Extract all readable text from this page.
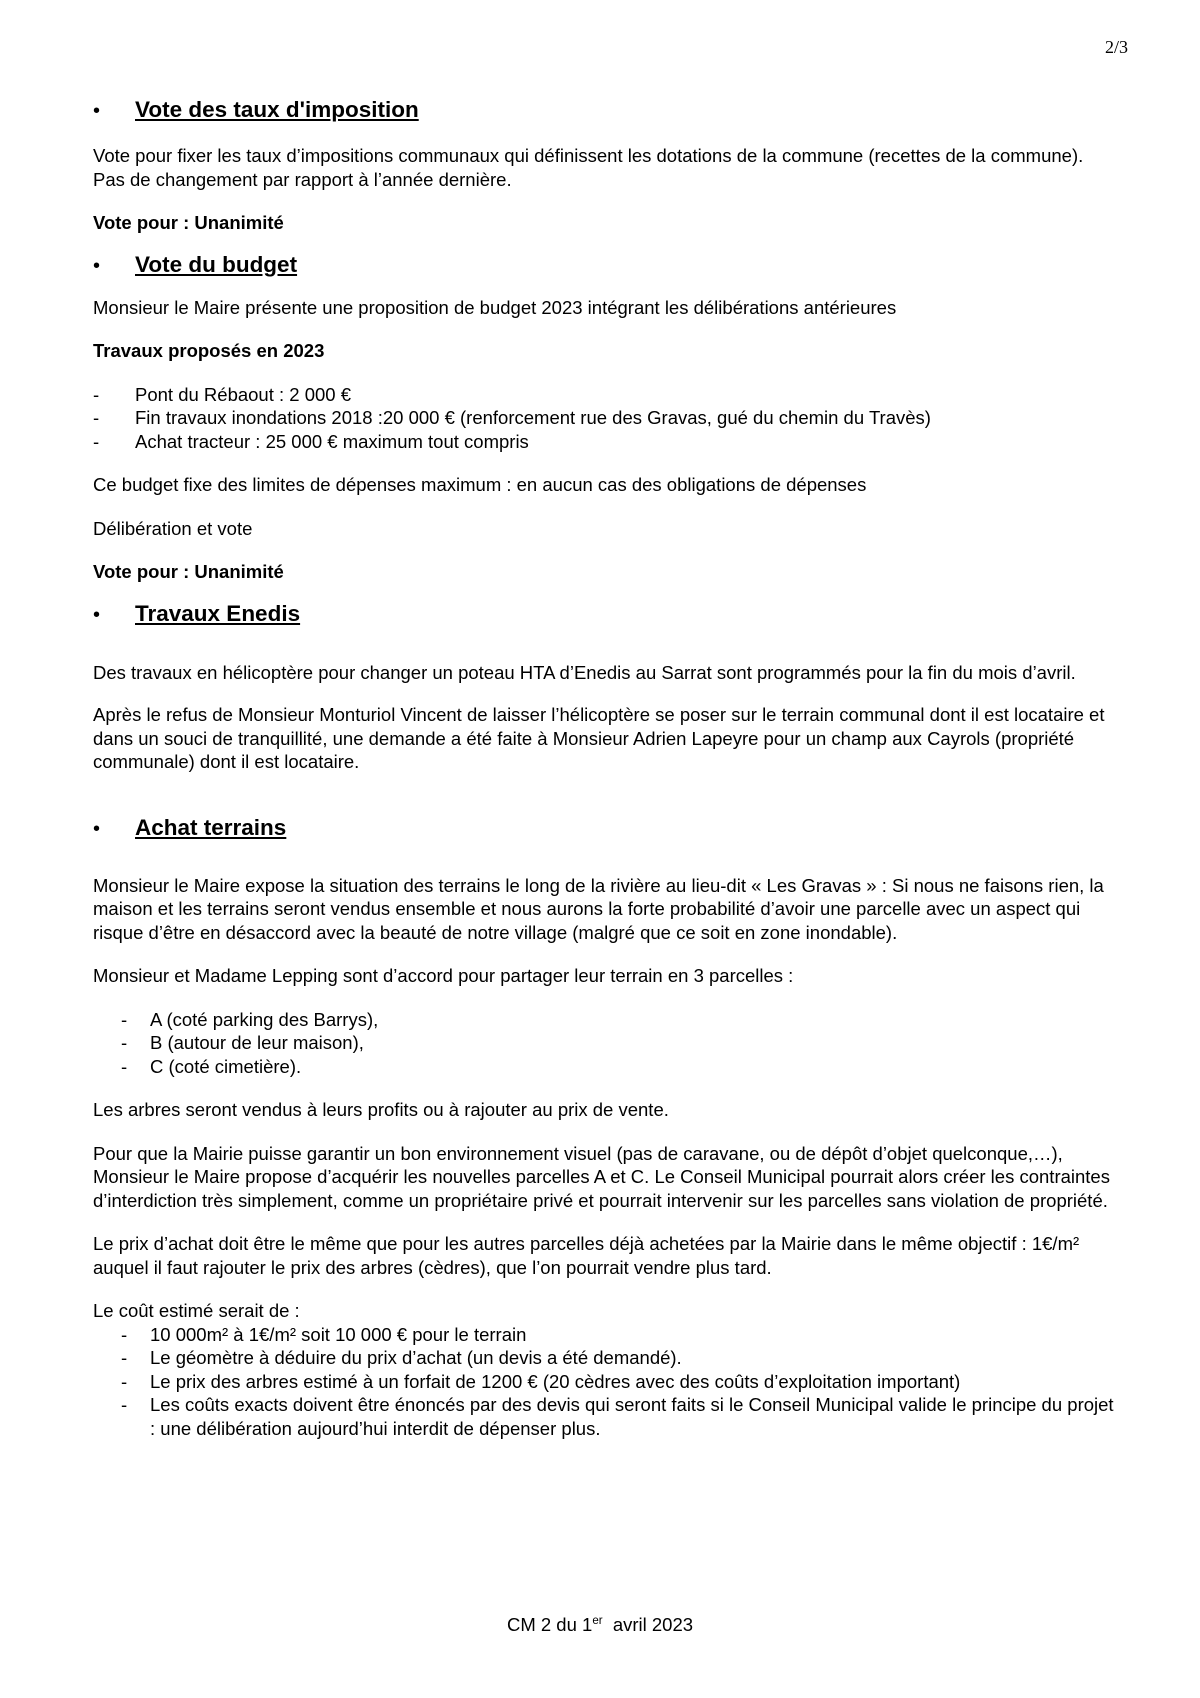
2/3
•	Vote des taux d'imposition

Vote pour fixer les taux d’impositions communaux qui définissent les dotations de la commune (recettes de la commune). Pas de changement par rapport à l’année dernière.

Vote pour : Unanimité

•	Vote du budget

Monsieur le Maire présente une proposition de budget 2023 intégrant les délibérations antérieures

Travaux proposés en 2023

-	Pont du Rébaout : 2 000 €
-	Fin travaux inondations 2018 :20 000 € (renforcement rue des Gravas, gué du chemin du Travès)
-	Achat tracteur : 25 000 € maximum tout compris

Ce budget fixe des limites de dépenses maximum : en aucun cas des obligations de dépenses

Délibération et vote

Vote pour : Unanimité

•	Travaux Enedis

Des travaux en hélicoptère pour changer un poteau HTA d’Enedis au Sarrat sont programmés pour la fin du mois d’avril.

Après le refus de Monsieur Monturiol Vincent de laisser l’hélicoptère se poser sur le terrain communal dont il est locataire et dans un souci de tranquillité, une demande a été faite à Monsieur Adrien Lapeyre pour un champ aux Cayrols (propriété communale) dont il est locataire.

•	Achat terrains

Monsieur le Maire expose la situation des terrains le long de la rivière au lieu-dit « Les Gravas » : Si nous ne faisons rien, la maison et les terrains seront vendus ensemble et nous aurons la forte probabilité d’avoir une parcelle avec un aspect qui risque d’être en désaccord avec la beauté de notre village (malgré que ce soit en zone inondable).

Monsieur et Madame Lepping sont d’accord pour partager leur terrain en 3 parcelles :

-	A (coté parking des Barrys),
-	B (autour de leur maison),
-	C (coté cimetière).

Les arbres seront vendus à leurs profits ou à rajouter au prix de vente.

Pour que la Mairie puisse garantir un bon environnement visuel (pas de caravane, ou de dépôt d’objet quelconque,…), Monsieur le Maire propose d’acquérir les nouvelles parcelles A et C. Le Conseil Municipal pourrait alors créer les contraintes d’interdiction très simplement, comme un propriétaire privé et pourrait intervenir sur les parcelles sans violation de propriété.

Le prix d’achat doit être le même que pour les autres parcelles déjà achetées par la Mairie dans le même objectif : 1€/m² auquel il faut rajouter le prix des arbres (cèdres), que l’on pourrait vendre plus tard.

Le coût estimé serait de :

-	10 000m² à 1€/m² soit 10 000 € pour le terrain
-	Le géomètre à déduire du prix d’achat (un devis a été demandé).
-	Le prix des arbres estimé à un forfait de 1200 € (20 cèdres avec des coûts d’exploitation important)
-	Les coûts exacts doivent être énoncés par des devis qui seront faits si le Conseil Municipal valide le principe du projet : une délibération aujourd’hui interdit de dépenser plus.
CM 2 du 1er  avril 2023
